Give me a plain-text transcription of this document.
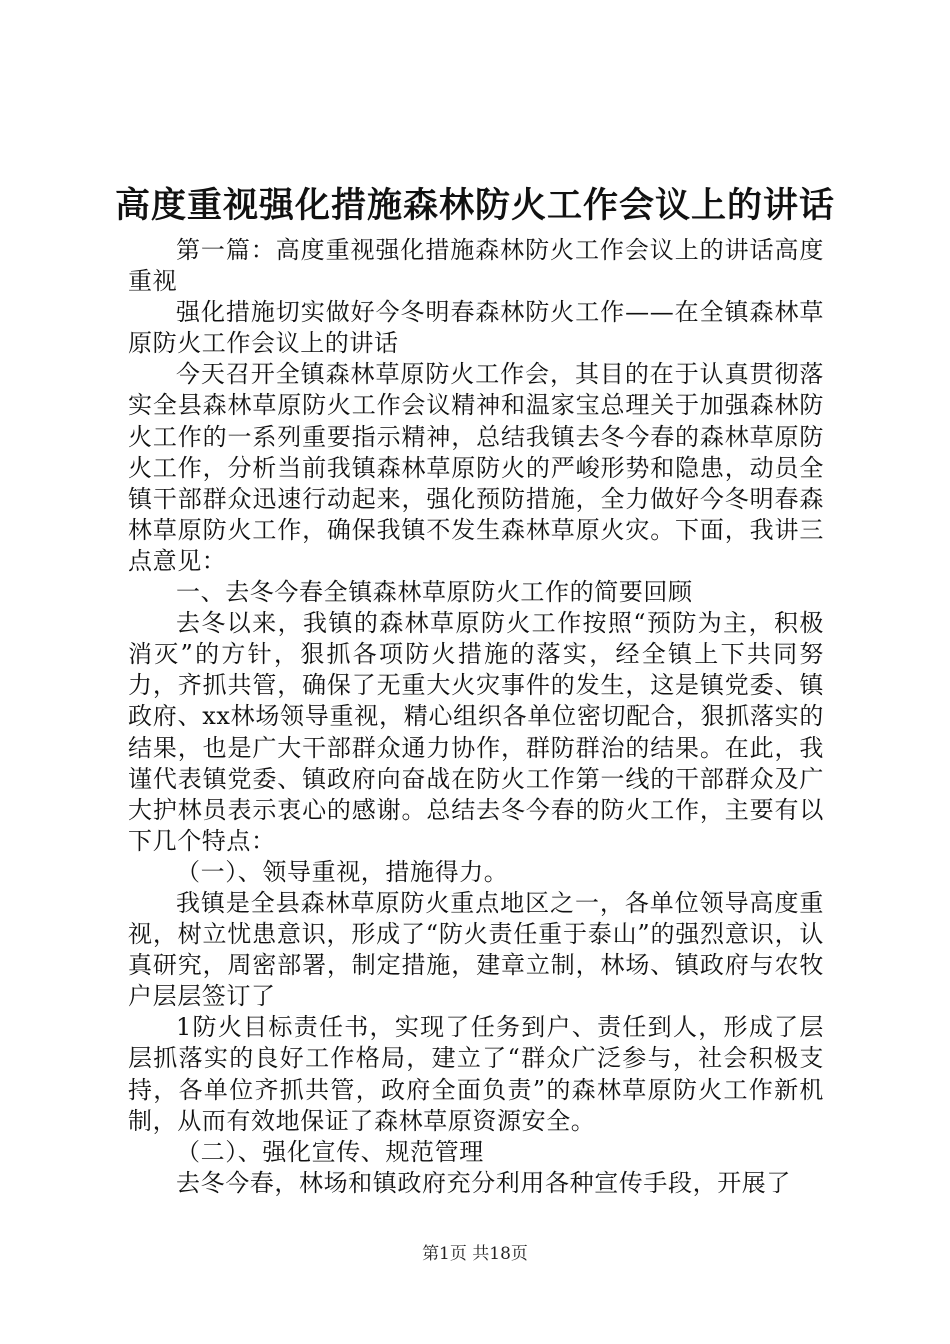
高度重视强化措施森林防火工作会议上的讲话

第一篇：高度重视强化措施森林防火工作会议上的讲话高度重视

强化措施切实做好今冬明春森林防火工作——在全镇森林草原防火工作会议上的讲话

今天召开全镇森林草原防火工作会，其目的在于认真贯彻落实全县森林草原防火工作会议精神和温家宝总理关于加强森林防火工作的一系列重要指示精神，总结我镇去冬今春的森林草原防火工作，分析当前我镇森林草原防火的严峻形势和隐患，动员全镇干部群众迅速行动起来，强化预防措施，全力做好今冬明春森林草原防火工作，确保我镇不发生森林草原火灾。下面，我讲三点意见：

一、去冬今春全镇森林草原防火工作的简要回顾

去冬以来，我镇的森林草原防火工作按照“预防为主，积极消灭”的方针，狠抓各项防火措施的落实，经全镇上下共同努力，齐抓共管，确保了无重大火灾事件的发生，这是镇党委、镇政府、xx林场领导重视，精心组织各单位密切配合，狠抓落实的结果，也是广大干部群众通力协作，群防群治的结果。在此，我谨代表镇党委、镇政府向奋战在防火工作第一线的干部群众及广大护林员表示衷心的感谢。总结去冬今春的防火工作，主要有以下几个特点：

（一）、领导重视，措施得力。

我镇是全县森林草原防火重点地区之一，各单位领导高度重视，树立忧患意识，形成了“防火责任重于泰山”的强烈意识，认真研究，周密部署，制定措施，建章立制，林场、镇政府与农牧户层层签订了

1防火目标责任书，实现了任务到户、责任到人，形成了层层抓落实的良好工作格局，建立了“群众广泛参与，社会积极支持，各单位齐抓共管，政府全面负责”的森林草原防火工作新机制，从而有效地保证了森林草原资源安全。

（二）、强化宣传、规范管理

去冬今春，林场和镇政府充分利用各种宣传手段，开展了

第1页 共18页
